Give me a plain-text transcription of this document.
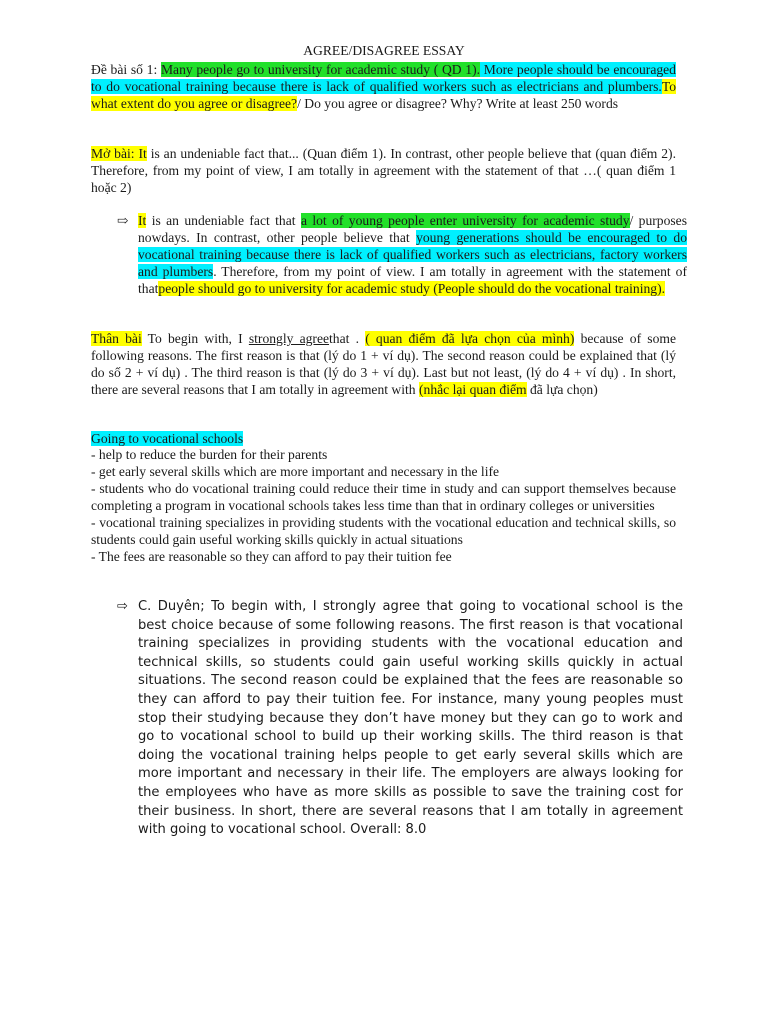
AGREE/DISAGREE ESSAY

Đề bài số 1: Many people go to university for academic study ( QD 1). More people should be encouraged to do vocational training because there is lack of qualified workers such as electricians and plumbers.To what extent do you agree or disagree?/ Do you agree or disagree? Why? Write at least 250 words

Mở bài: It is an undeniable fact that... (Quan điểm 1). In contrast, other people believe that (quan điểm 2). Therefore, from my point of view, I am totally in agreement with the statement of that …( quan điểm 1 hoặc 2)

⇨ It is an undeniable fact that a lot of young people enter university for academic study/ purposes nowdays. In contrast, other people believe that young generations should be encouraged to do vocational training because there is lack of qualified workers such as electricians, factory workers and plumbers. Therefore, from my point of view. I am totally in agreement with the statement of thatpeople should go to university for academic study (People should do the vocational training).

Thân bài To begin with, I strongly agreethat . ( quan điểm đã lựa chọn của mình) because of some following reasons. The first reason is that (lý do 1 + ví dụ). The second reason could be explained that (lý do số 2 + ví dụ) . The third reason is that (lý do 3 + ví dụ). Last but not least, (lý do 4 + ví dụ) . In short, there are several reasons that I am totally in agreement with (nhắc lại quan điểm đã lựa chọn)

Going to vocational schools

- help to reduce the burden for their parents

- get early several skills which are more important and necessary in the life

- students who do vocational training could reduce their time in study and can support themselves because completing a program in vocational schools takes less time than that in ordinary colleges or universities

- vocational training specializes in providing students with the vocational education and technical skills, so students could gain useful working skills quickly in actual situations

- The fees are reasonable so they can afford to pay their tuition fee

⇨ C. Duyên; To begin with, I strongly agree that going to vocational school is the best choice because of some following reasons. The first reason is that vocational training specializes in providing students with the vocational education and technical skills, so students could gain useful working skills quickly in actual situations. The second reason could be explained that the fees are reasonable so they can afford to pay their tuition fee. For instance, many young peoples must stop their studying because they don’t have money but they can go to work and go to vocational school to build up their working skills. The third reason is that doing the vocational training helps people to get early several skills which are more important and necessary in their life. The employers are always looking for the employees who have as more skills as possible to save the training cost for their business. In short, there are several reasons that I am totally in agreement with going to vocational school. Overall: 8.0
